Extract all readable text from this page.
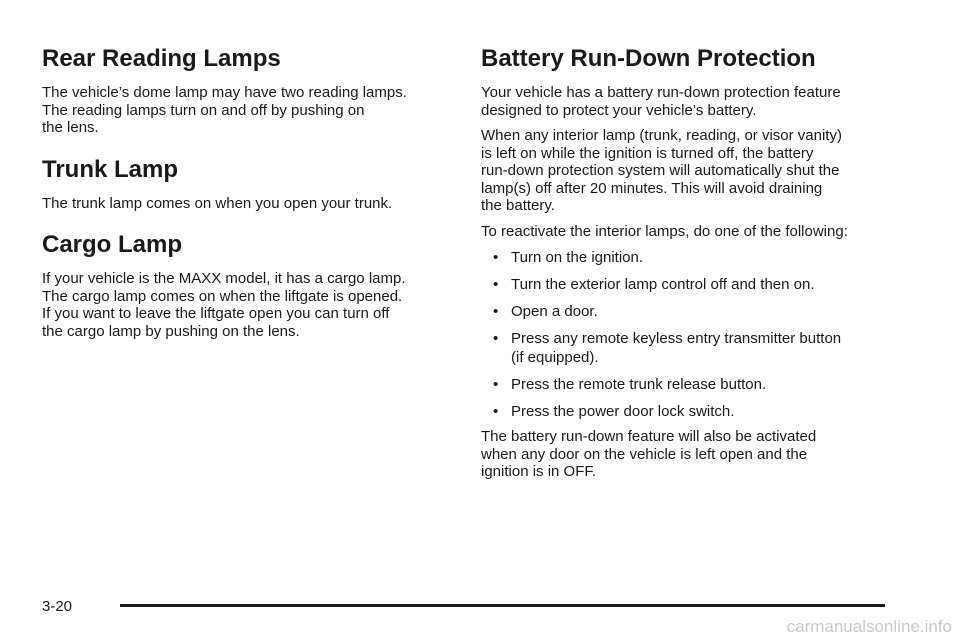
Rear Reading Lamps

The vehicle’s dome lamp may have two reading lamps.
The reading lamps turn on and off by pushing on
the lens.

Trunk Lamp

The trunk lamp comes on when you open your trunk.

Cargo Lamp

If your vehicle is the MAXX model, it has a cargo lamp.
The cargo lamp comes on when the liftgate is opened.
If you want to leave the liftgate open you can turn off
the cargo lamp by pushing on the lens.

Battery Run-Down Protection

Your vehicle has a battery run-down protection feature
designed to protect your vehicle’s battery.

When any interior lamp (trunk, reading, or visor vanity)
is left on while the ignition is turned off, the battery
run-down protection system will automatically shut the
lamp(s) off after 20 minutes. This will avoid draining
the battery.

To reactivate the interior lamps, do one of the following:

• Turn on the ignition.
• Turn the exterior lamp control off and then on.
• Open a door.
• Press any remote keyless entry transmitter button
(if equipped).
• Press the remote trunk release button.
• Press the power door lock switch.

The battery run-down feature will also be activated
when any door on the vehicle is left open and the
ignition is in OFF.

3-20
carmanualsonline.info
